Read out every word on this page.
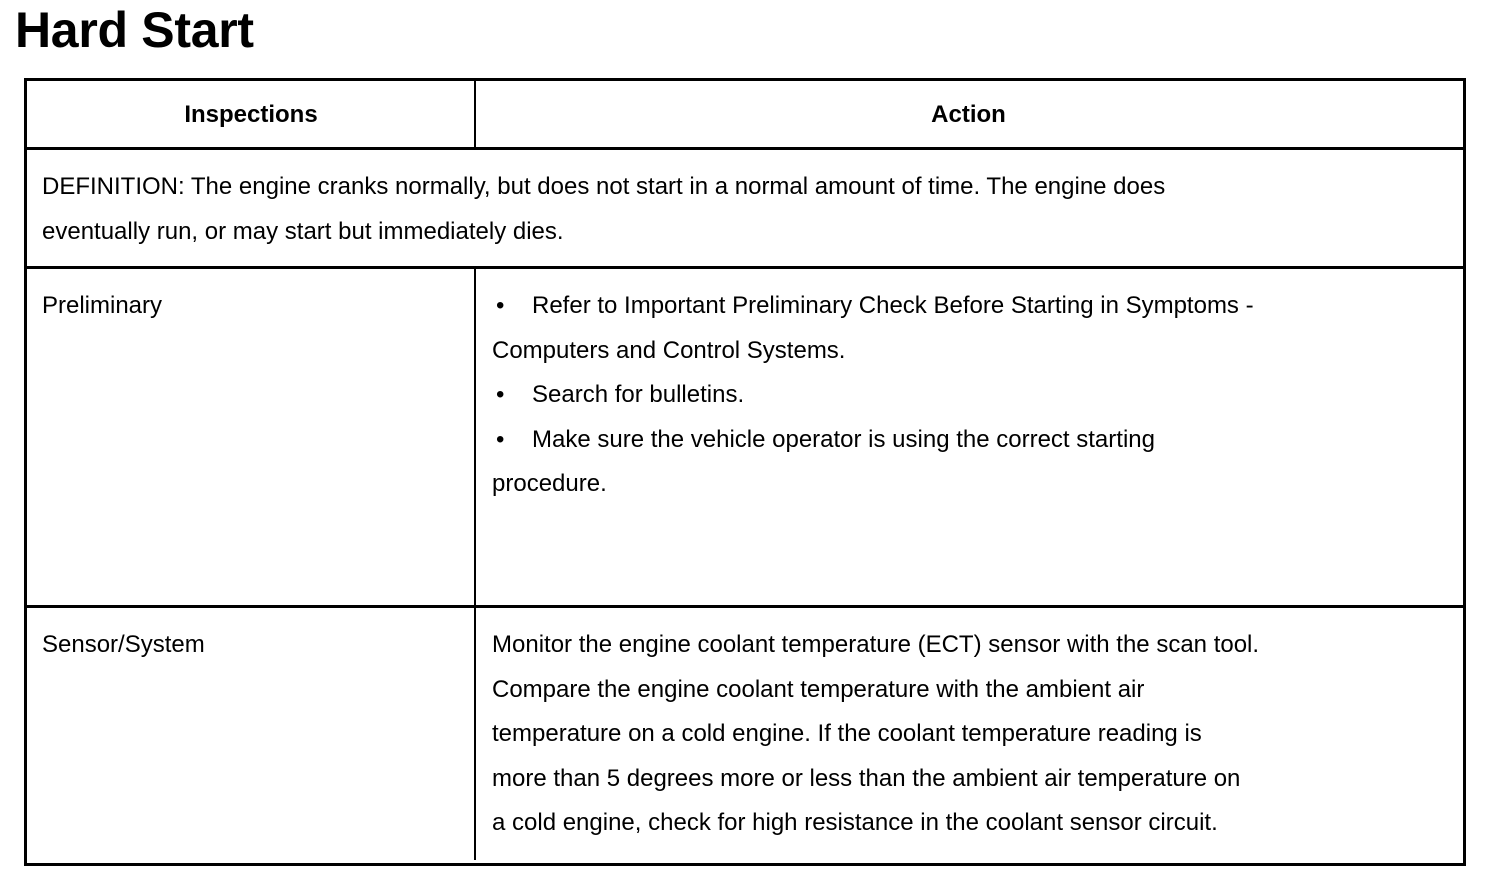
Hard Start
Inspections	Action
DEFINITION: The engine cranks normally, but does not start in a normal amount of time. The engine does
eventually run, or may start but immediately dies.
Preliminary	• Refer to Important Preliminary Check Before Starting in Symptoms -
Computers and Control Systems.
• Search for bulletins.
• Make sure the vehicle operator is using the correct starting
procedure.
Sensor/System	Monitor the engine coolant temperature (ECT) sensor with the scan tool.
Compare the engine coolant temperature with the ambient air
temperature on a cold engine. If the coolant temperature reading is
more than 5 degrees more or less than the ambient air temperature on
a cold engine, check for high resistance in the coolant sensor circuit.
